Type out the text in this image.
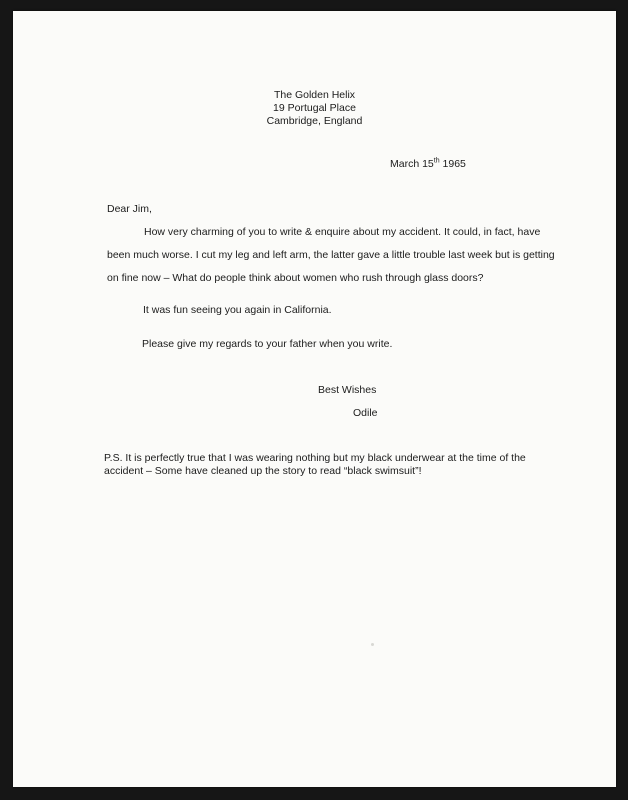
The Golden Helix
19 Portugal Place
Cambridge, England
March 15th 1965
Dear Jim,
How very charming of you to write & enquire about my accident. It could, in fact, have
been much worse. I cut my leg and left arm, the latter gave a little trouble last week but is getting
on fine now – What do people think about women who rush through glass doors?
It was fun seeing you again in California.
Please give my regards to your father when you write.
Best Wishes
Odile
P.S. It is perfectly true that I was wearing nothing but my black underwear at the time of the
accident – Some have cleaned up the story to read “black swimsuit”!
